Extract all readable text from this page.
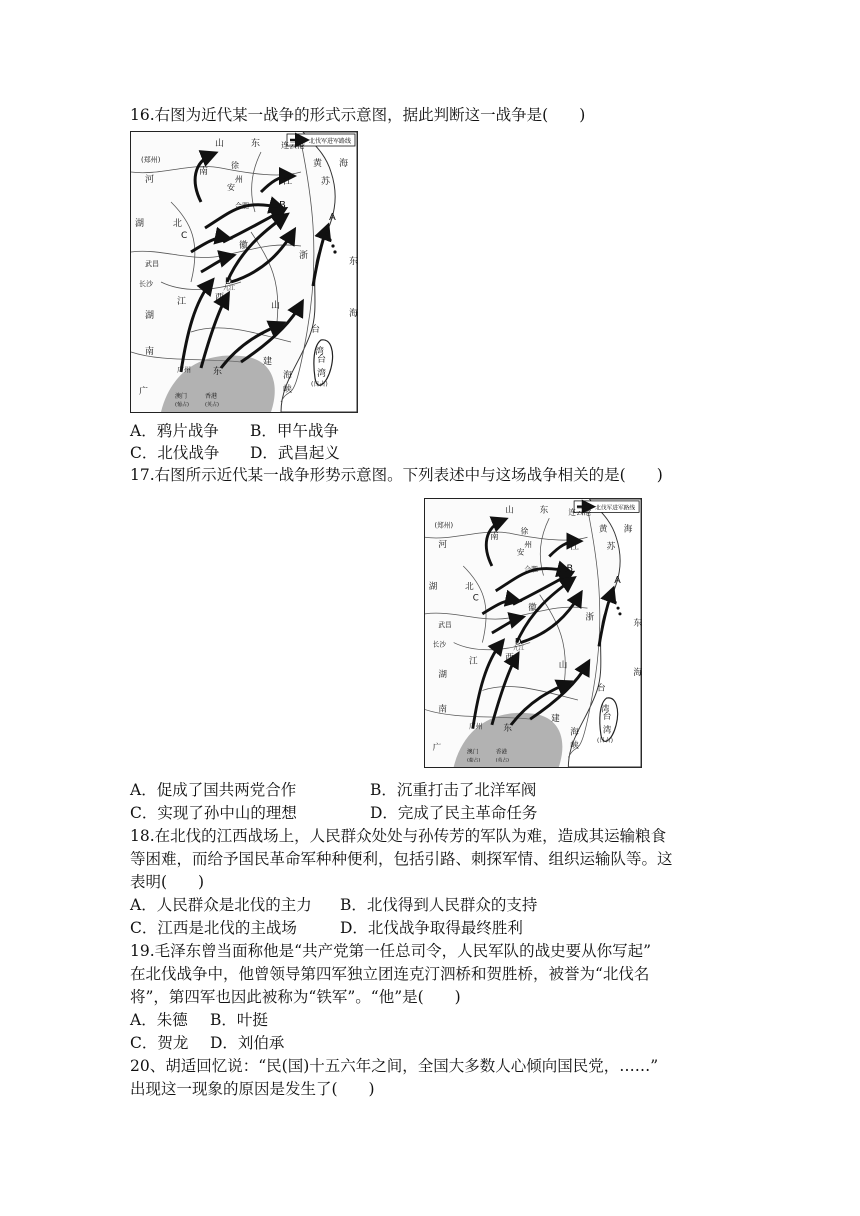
16.右图为近代某一战争的形式示意图，据此判断这一战争是(　　)
北伐军进军路线
山	东	连云港
黄 海
(郑州)
河
南
徐
州
安
江	苏
合肥	B
A
湖	北
C
武昌
徽
浙
东
九江
D
长沙
江	西
海
湖
南
山
台
建
湾
海
峡
广州 东
台
湾
(日占)
广	澳门
(葡占)
香港
(英占)
A．鸦片战争 B．甲午战争
C．北伐战争 D．武昌起义
17.右图所示近代某一战争形势示意图。下列表述中与这场战争相关的是(　　)
北伐军进军路线
山	东	连云港
黄 海
(郑州)
河
南
徐
州
安
江	苏
合肥	B
A
湖	北
C
武昌
徽
浙
东
九江
D
长沙
江	西
海
湖
南
山
台
建
湾
海
峡
广州 东
台
湾
(日占)
广	澳门
(葡占)
香港
(英占)
A．促成了国共两党合作	B．沉重打击了北洋军阀
C．实现了孙中山的理想	D．完成了民主革命任务
18.在北伐的江西战场上，人民群众处处与孙传芳的军队为难，造成其运输粮食
等困难，而给予国民革命军种种便利，包括引路、刺探军情、组织运输队等。这
表明(　　)
A．人民群众是北伐的主力 B．北伐得到人民群众的支持
C．江西是北伐的主战场	D．北伐战争取得最终胜利
19.毛泽东曾当面称他是“共产党第一任总司令，人民军队的战史要从你写起”
在北伐战争中，他曾领导第四军独立团连克汀泗桥和贺胜桥，被誉为“北伐名
将”，第四军也因此被称为“铁军”。“他”是(　　)
A．朱德 B．叶挺
C．贺龙 D．刘伯承
20、胡适回忆说：“民(国)十五六年之间，全国大多数人心倾向国民党，……”
出现这一现象的原因是发生了(　　)
